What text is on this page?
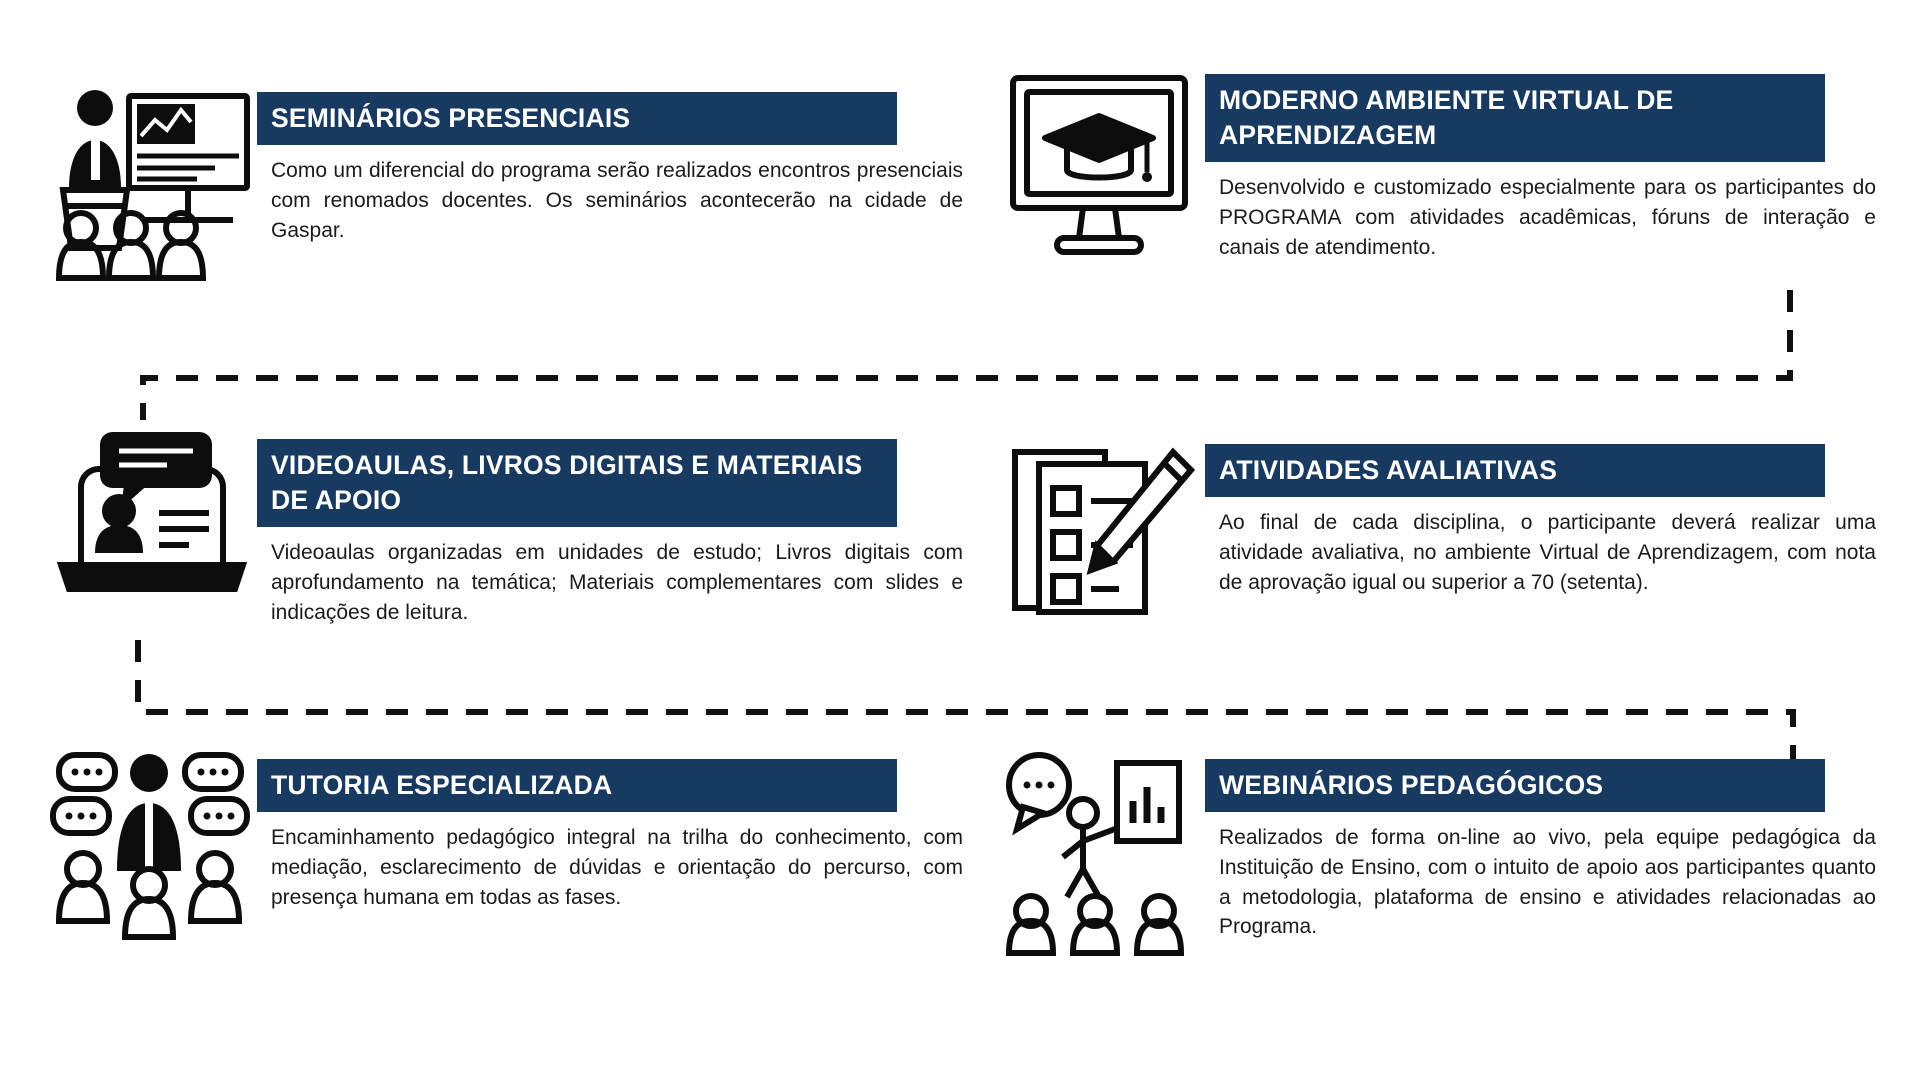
SEMINÁRIOS PRESENCIAIS

Como um diferencial do programa serão realizados encontros presenciais com renomados docentes. Os seminários acontecerão na cidade de Gaspar.

MODERNO AMBIENTE VIRTUAL DE APRENDIZAGEM

Desenvolvido e customizado especialmente para os participantes do PROGRAMA com atividades acadêmicas, fóruns de interação e canais de atendimento.

VIDEOAULAS, LIVROS DIGITAIS E MATERIAIS DE APOIO

Videoaulas organizadas em unidades de estudo; Livros digitais com aprofundamento na temática; Materiais complementares com slides e indicações de leitura.

ATIVIDADES AVALIATIVAS

Ao final de cada disciplina, o participante deverá realizar uma atividade avaliativa, no ambiente Virtual de Aprendizagem, com nota de aprovação igual ou superior a 70 (setenta).

TUTORIA ESPECIALIZADA

Encaminhamento pedagógico integral na trilha do conhecimento, com mediação, esclarecimento de dúvidas e orientação do percurso, com presença humana em todas as fases.

WEBINÁRIOS PEDAGÓGICOS

Realizados de forma on-line ao vivo, pela equipe pedagógica da Instituição de Ensino, com o intuito de apoio aos participantes quanto a metodologia, plataforma de ensino e atividades relacionadas ao Programa.
